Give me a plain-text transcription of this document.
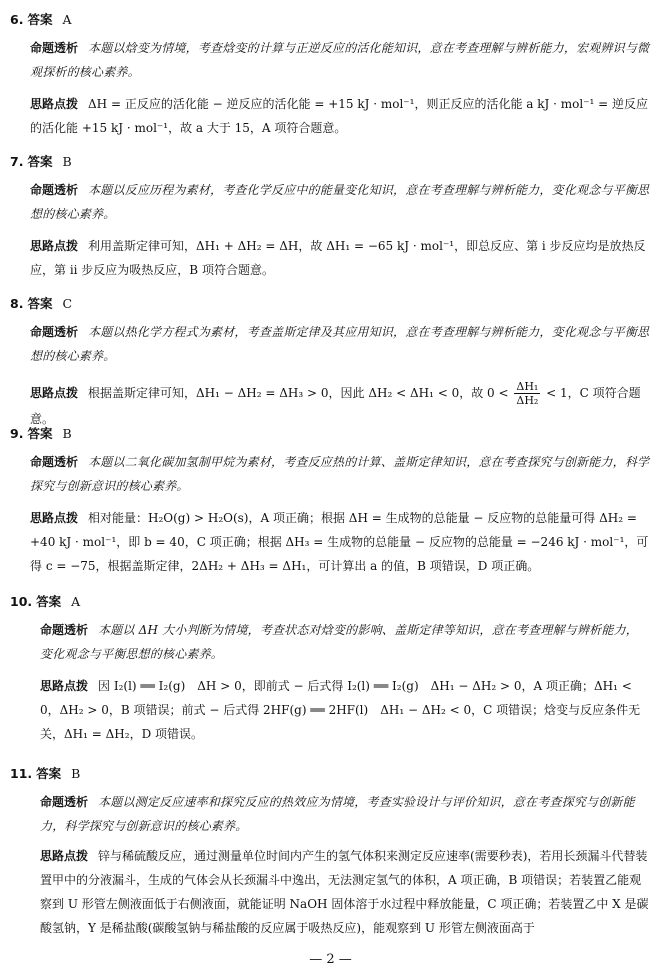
6. 答案 A
命题透析 本题以焓变为情境，考查焓变的计算与正逆反应的活化能知识，意在考查理解与辨析能力，宏观辨识与微观探析的核心素养。
思路点拨 ΔH = 正反应的活化能 − 逆反应的活化能 = +15 kJ · mol⁻¹，则正反应的活化能 a kJ · mol⁻¹ = 逆反应的活化能 +15 kJ · mol⁻¹，故 a 大于 15，A 项符合题意。
7. 答案 B
命题透析 本题以反应历程为素材，考查化学反应中的能量变化知识，意在考查理解与辨析能力，变化观念与平衡思想的核心素养。
思路点拨 利用盖斯定律可知，ΔH₁ + ΔH₂ = ΔH，故 ΔH₁ = −65 kJ · mol⁻¹，即总反应、第 i 步反应均是放热反应，第 ii 步反应为吸热反应，B 项符合题意。
8. 答案 C
命题透析 本题以热化学方程式为素材，考查盖斯定律及其应用知识，意在考查理解与辨析能力，变化观念与平衡思想的核心素养。
思路点拨 根据盖斯定律可知，ΔH₁ − ΔH₂ = ΔH₃ > 0，因此 ΔH₂ < ΔH₁ < 0，故 $0 < \frac{\text{ΔH₁}}{\text{ΔH₂}} < 1$，C 项符合题意。
9. 答案 B
命题透析 本题以二氧化碳加氢制甲烷为素材，考查反应热的计算、盖斯定律知识，意在考查探究与创新能力，科学探究与创新意识的核心素养。
思路点拨 相对能量：H₂O(g) > H₂O(s)，A 项正确；根据 ΔH = 生成物的总能量 − 反应物的总能量可得 ΔH₂ = +40 kJ · mol⁻¹，即 b = 40，C 项正确；根据 ΔH₃ = 生成物的总能量 − 反应物的总能量 = −246 kJ · mol⁻¹，可得 c = −75，根据盖斯定律，2ΔH₂ + ΔH₃ = ΔH₁，可计算出 a 的值，B 项错误，D 项正确。
10. 答案 A
命题透析 本题以 ΔH 大小判断为情境，考查状态对焓变的影响、盖斯定律等知识，意在考查理解与辨析能力，变化观念与平衡思想的核心素养。
思路点拨 因 I₂(l) ══ I₂(g)　ΔH > 0，即前式 − 后式得 I₂(l) ══ I₂(g)　ΔH₁ − ΔH₂ > 0，A 项正确；ΔH₁ < 0，ΔH₂ > 0，B 项错误；前式 − 后式得 2HF(g) ══ 2HF(l)　ΔH₁ − ΔH₂ < 0，C 项错误；焓变与反应条件无关，ΔH₁ = ΔH₂，D 项错误。
11. 答案 B
命题透析 本题以测定反应速率和探究反应的热效应为情境，考查实验设计与评价知识，意在考查探究与创新能力，科学探究与创新意识的核心素养。
思路点拨 锌与稀硫酸反应，通过测量单位时间内产生的氢气体积来测定反应速率(需要秒表)，若用长颈漏斗代替装置甲中的分液漏斗，生成的气体会从长颈漏斗中逸出，无法测定氢气的体积，A 项正确，B 项错误；若装置乙能观察到 U 形管左侧液面低于右侧液面，就能证明 NaOH 固体溶于水过程中释放能量，C 项正确；若装置乙中 X 是碳酸氢钠，Y 是稀盐酸(碳酸氢钠与稀盐酸的反应属于吸热反应)，能观察到 U 形管左侧液面高于
— 2 —
